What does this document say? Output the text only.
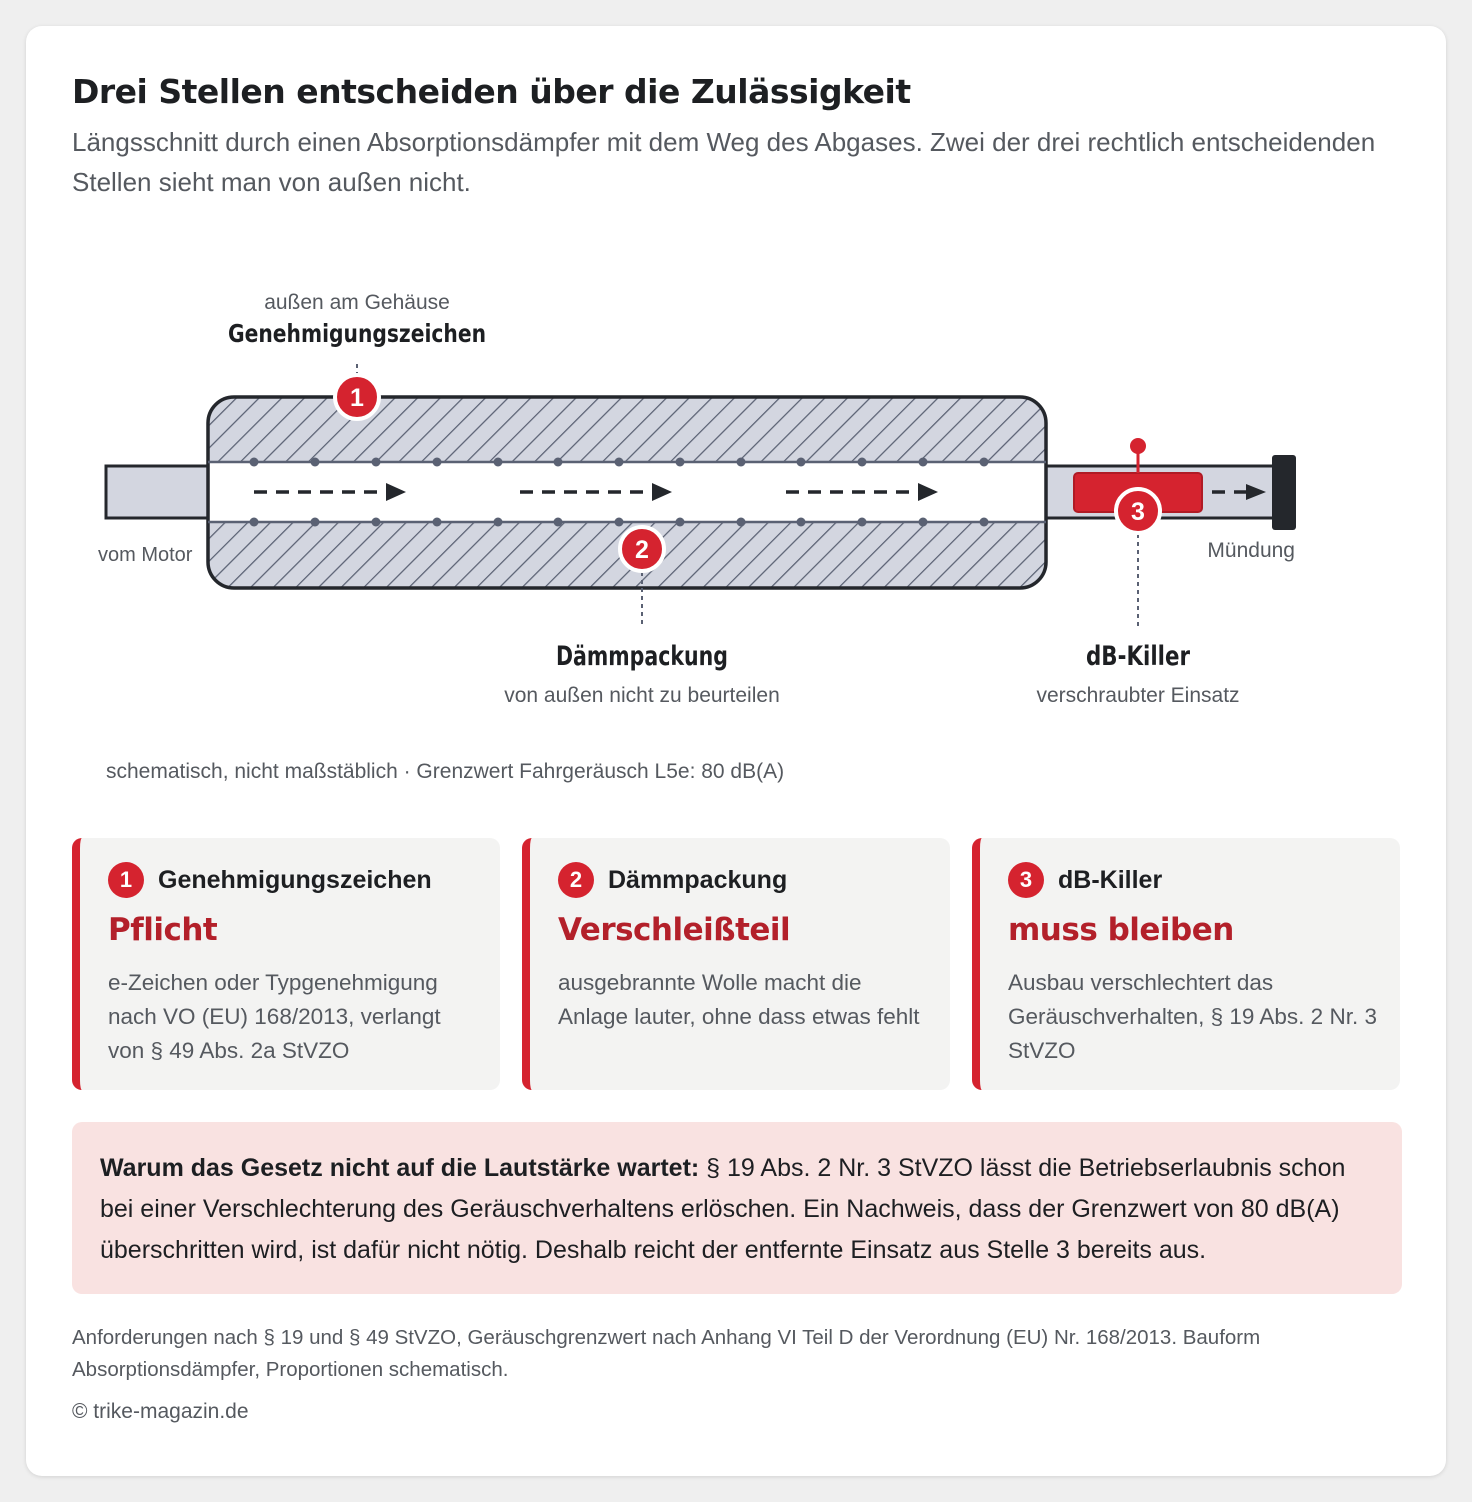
Drei Stellen entscheiden über die Zulässigkeit

Längsschnitt durch einen Absorptionsdämpfer mit dem Weg des Abgases. Zwei der drei rechtlich entscheidenden Stellen sieht man von außen nicht.

1
2
3
außen am Gehäuse
Genehmigungszeichen
vom Motor	Mündung
Dämmpackung
von außen nicht zu beurteilen
dB-Killer
verschraubter Einsatz
schematisch, nicht maßstäblich · Grenzwert Fahrgeräusch L5e: 80 dB(A)
1	Genehmigungszeichen
Pflicht
e-Zeichen oder Typgenehmigung nach VO (EU) 168/2013, verlangt von § 49 Abs. 2a StVZO
2	Dämmpackung
Verschleißteil
ausgebrannte Wolle macht die Anlage lauter, ohne dass etwas fehlt
3	dB-Killer
muss bleiben
Ausbau verschlechtert das Geräuschverhalten, § 19 Abs. 2 Nr. 3 StVZO
Warum das Gesetz nicht auf die Lautstärke wartet: § 19 Abs. 2 Nr. 3 StVZO lässt die Betriebserlaubnis schon bei einer Verschlechterung des Geräuschverhaltens erlöschen. Ein Nachweis, dass der Grenzwert von 80 dB(A) überschritten wird, ist dafür nicht nötig. Deshalb reicht der entfernte Einsatz aus Stelle 3 bereits aus.

Anforderungen nach § 19 und § 49 StVZO, Geräuschgrenzwert nach Anhang VI Teil D der Verordnung (EU) Nr. 168/2013. Bauform Absorptionsdämpfer, Proportionen schematisch.

© trike-magazin.de
